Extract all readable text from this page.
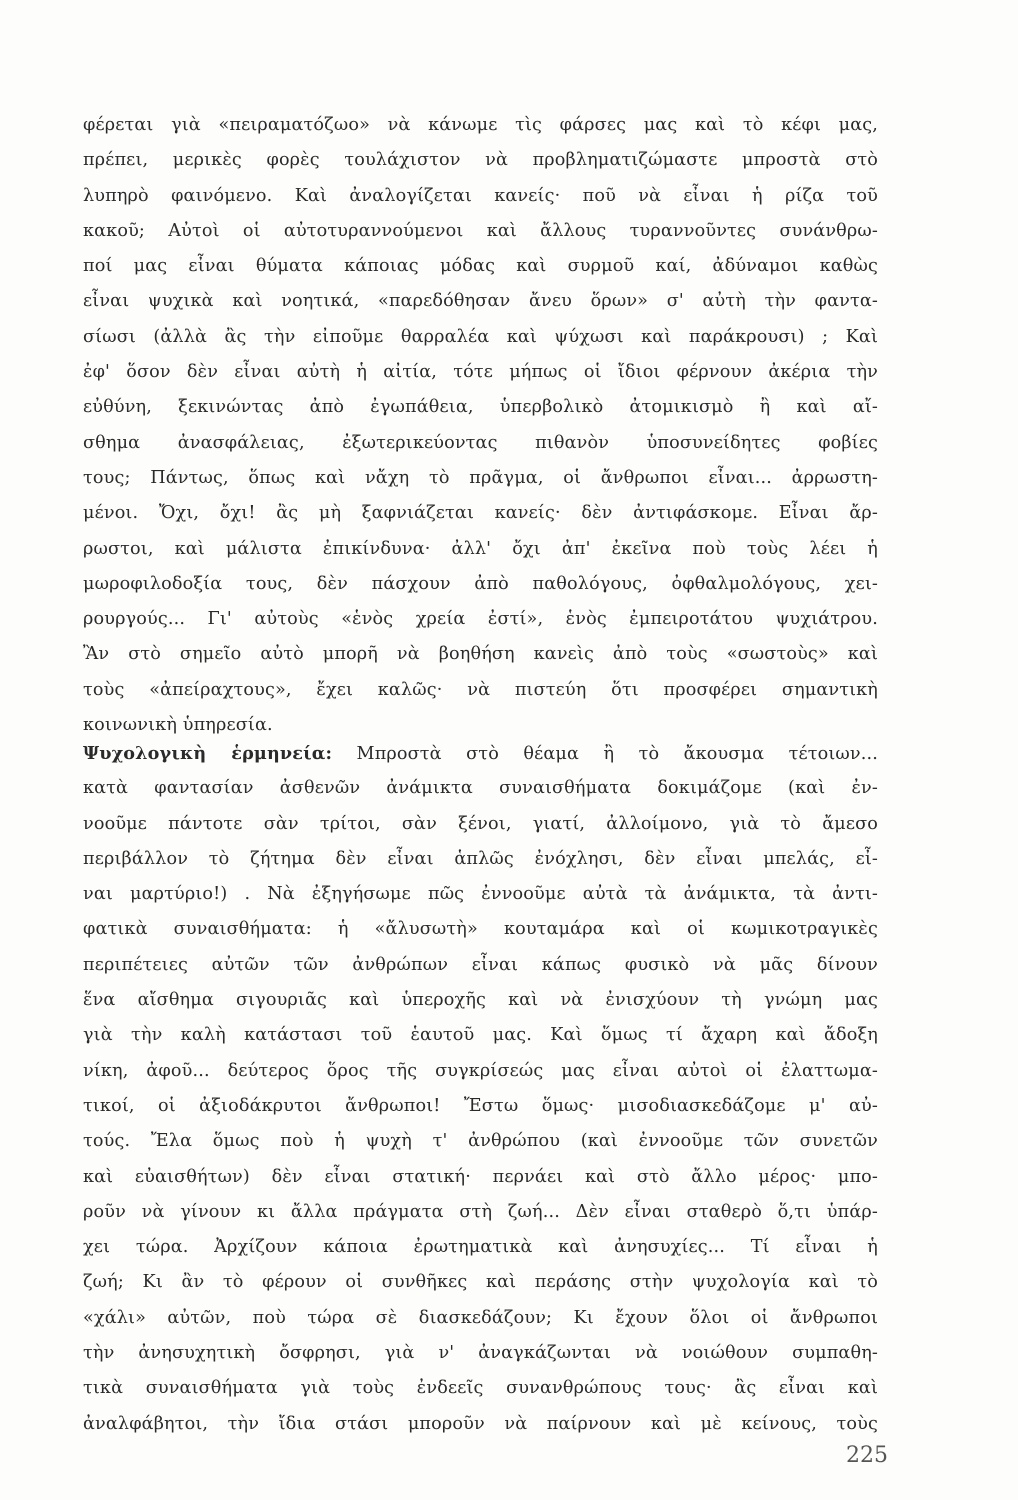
φέρεται γιὰ «πειραματόζωο» νὰ κάνωμε τὶς φάρσες μας καὶ τὸ κέφι μας,
πρέπει, μερικὲς φορὲς τουλάχιστον νὰ προβληματιζώμαστε μπροστὰ στὸ
λυπηρὸ φαινόμενο. Καὶ ἀναλογίζεται κανείς· ποῦ νὰ εἶναι ἡ ρίζα τοῦ
κακοῦ; Αὐτοὶ οἱ αὐτοτυραννούμενοι καὶ ἄλλους τυραννοῦντες συνάνθρω-
ποί μας εἶναι θύματα κάποιας μόδας καὶ συρμοῦ καί, ἀδύναμοι καθὼς
εἶναι ψυχικὰ καὶ νοητικά, «παρεδόθησαν ἄνευ ὅρων» σ' αὐτὴ τὴν φαντα-
σίωσι (ἀλλὰ ἂς τὴν εἰποῦμε θαρραλέα καὶ ψύχωσι καὶ παράκρουσι) ; Καὶ
ἐφ' ὅσον δὲν εἶναι αὐτὴ ἡ αἰτία, τότε μήπως οἱ ἴδιοι φέρνουν ἀκέρια τὴν
εὐθύνη, ξεκινώντας ἀπὸ ἐγωπάθεια, ὑπερβολικὸ ἀτομικισμὸ ἢ καὶ αἴ-
σθημα ἀνασφάλειας, ἐξωτερικεύοντας πιθανὸν ὑποσυνείδητες φοβίες
τους; Πάντως, ὅπως καὶ νἄχη τὸ πρᾶγμα, οἱ ἄνθρωποι εἶναι... ἀρρωστη-
μένοι. Ὄχι, ὄχι! ἂς μὴ ξαφνιάζεται κανείς· δὲν ἀντιφάσκομε. Εἶναι ἄρ-
ρωστοι, καὶ μάλιστα ἐπικίνδυνα· ἀλλ' ὄχι ἀπ' ἐκεῖνα ποὺ τοὺς λέει ἡ
μωροφιλοδοξία τους, δὲν πάσχουν ἀπὸ παθολόγους, ὀφθαλμολόγους, χει-
ρουργούς... Γι' αὐτοὺς «ἑνὸς χρεία ἐστί», ἑνὸς ἐμπειροτάτου ψυχιάτρου.
Ἂν στὸ σημεῖο αὐτὸ μπορῆ νὰ βοηθήση κανεὶς ἀπὸ τοὺς «σωστοὺς» καὶ
τοὺς «ἀπείραχτους», ἔχει καλῶς· νὰ πιστεύη ὅτι προσφέρει σημαντικὴ
κοινωνικὴ ὑπηρεσία.
Ψυχολογικὴ ἑρμηνεία: Μπροστὰ στὸ θέαμα ἢ τὸ ἄκουσμα τέτοιων...
κατὰ φαντασίαν ἀσθενῶν ἀνάμικτα συναισθήματα δοκιμάζομε (καὶ ἐν-
νοοῦμε πάντοτε σὰν τρίτοι, σὰν ξένοι, γιατί, ἀλλοίμονο, γιὰ τὸ ἄμεσο
περιβάλλον τὸ ζήτημα δὲν εἶναι ἁπλῶς ἐνόχλησι, δὲν εἶναι μπελάς, εἶ-
ναι μαρτύριο!) . Νὰ ἐξηγήσωμε πῶς ἐννοοῦμε αὐτὰ τὰ ἀνάμικτα, τὰ ἀντι-
φατικὰ συναισθήματα: ἡ «ἄλυσωτὴ» κουταμάρα καὶ οἱ κωμικοτραγικὲς
περιπέτειες αὐτῶν τῶν ἀνθρώπων εἶναι κάπως φυσικὸ νὰ μᾶς δίνουν
ἕνα αἴσθημα σιγουριᾶς καὶ ὑπεροχῆς καὶ νὰ ἐνισχύουν τὴ γνώμη μας
γιὰ τὴν καλὴ κατάστασι τοῦ ἑαυτοῦ μας. Καὶ ὅμως τί ἄχαρη καὶ ἄδοξη
νίκη, ἀφοῦ... δεύτερος ὅρος τῆς συγκρίσεώς μας εἶναι αὐτοὶ οἱ ἐλαττωμα-
τικοί, οἱ ἀξιοδάκρυτοι ἄνθρωποι! Ἔστω ὅμως· μισοδιασκεδάζομε μ' αὐ-
τούς. Ἔλα ὅμως ποὺ ἡ ψυχὴ τ' ἀνθρώπου (καὶ ἐννοοῦμε τῶν συνετῶν
καὶ εὐαισθήτων) δὲν εἶναι στατική· περνάει καὶ στὸ ἄλλο μέρος· μπο-
ροῦν νὰ γίνουν κι ἄλλα πράγματα στὴ ζωή... Δὲν εἶναι σταθερὸ ὅ,τι ὑπάρ-
χει τώρα. Ἀρχίζουν κάποια ἐρωτηματικὰ καὶ ἀνησυχίες... Τί εἶναι ἡ
ζωή; Κι ἂν τὸ φέρουν οἱ συνθῆκες καὶ περάσης στὴν ψυχολογία καὶ τὸ
«χάλι» αὐτῶν, ποὺ τώρα σὲ διασκεδάζουν; Κι ἔχουν ὅλοι οἱ ἄνθρωποι
τὴν ἀνησυχητικὴ ὄσφρησι, γιὰ ν' ἀναγκάζωνται νὰ νοιώθουν συμπαθη-
τικὰ συναισθήματα γιὰ τοὺς ἐνδεεῖς συνανθρώπους τους· ἂς εἶναι καὶ
ἀναλφάβητοι, τὴν ἴδια στάσι μποροῦν νὰ παίρνουν καὶ μὲ κείνους, τοὺς
225
